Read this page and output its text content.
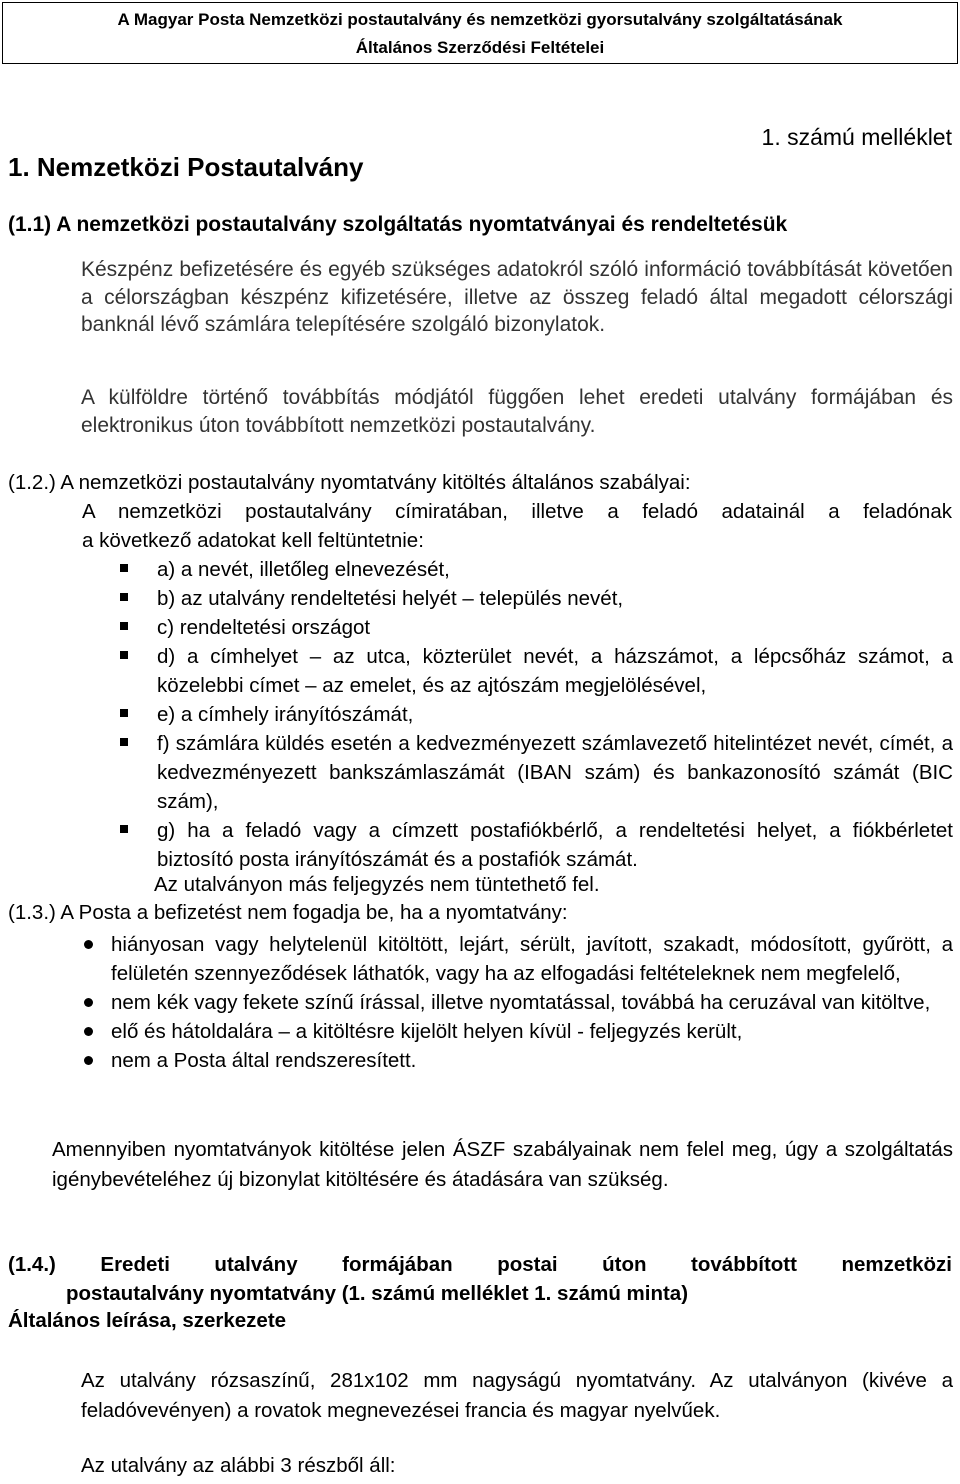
A Magyar Posta Nemzetközi postautalvány és nemzetközi gyorsutalvány szolgáltatásának
Általános Szerződési Feltételei
1. számú melléklet
1. Nemzetközi Postautalvány
(1.1) A nemzetközi postautalvány szolgáltatás nyomtatványai és rendeltetésük

Készpénz befizetésére és egyéb szükséges adatokról szóló információ továbbítását követően a célországban készpénz kifizetésére, illetve az összeg feladó által megadott célországi banknál lévő számlára telepítésére szolgáló bizonylatok.

A külföldre történő továbbítás módjától függően lehet eredeti utalvány formájában és elektronikus úton továbbított nemzetközi postautalvány.

(1.2.) A nemzetközi postautalvány nyomtatvány kitöltés általános szabályai:
A nemzetközi postautalvány címiratában, illetve a feladó adatainál a feladónak
a következő adatokat kell feltüntetnie:
a) a nevét, illetőleg elnevezését,
b) az utalvány rendeltetési helyét – település nevét,
c) rendeltetési országot
d) a címhelyet – az utca, közterület nevét, a házszámot, a lépcsőház számot, a közelebbi címet – az emelet, és az ajtószám megjelölésével,
e) a címhely irányítószámát,
f) számlára küldés esetén a kedvezményezett számlavezető hitelintézet nevét, címét, a kedvezményezett bankszámlaszámát (IBAN szám) és bankazonosító számát (BIC szám),
g) ha a feladó vagy a címzett postafiókbérlő, a rendeltetési helyet, a fiókbérletet biztosító posta irányítószámát és a postafiók számát.
Az utalványon más feljegyzés nem tüntethető fel.
(1.3.) A Posta a befizetést nem fogadja be, ha a nyomtatvány:
hiányosan vagy helytelenül kitöltött, lejárt, sérült, javított, szakadt, módosított, gyűrött, a felületén szennyeződések láthatók, vagy ha az elfogadási feltételeknek nem megfelelő,
nem kék vagy fekete színű írással, illetve nyomtatással, továbbá ha ceruzával van kitöltve,
elő és hátoldalára – a kitöltésre kijelölt helyen kívül - feljegyzés került,
nem a Posta által rendszeresített.

Amennyiben nyomtatványok kitöltése jelen ÁSZF szabályainak nem felel meg, úgy a szolgáltatás igénybevételéhez új bizonylat kitöltésére és átadására van szükség.

(1.4.) Eredeti utalvány formájában postai úton továbbított nemzetközi
postautalvány nyomtatvány (1. számú melléklet 1. számú minta)
Általános leírása, szerkezete

Az utalvány rózsaszínű, 281x102 mm nagyságú nyomtatvány. Az utalványon (kivéve a feladóvevényen) a rovatok megnevezései francia és magyar nyelvűek.

Az utalvány az alábbi 3 részből áll:
